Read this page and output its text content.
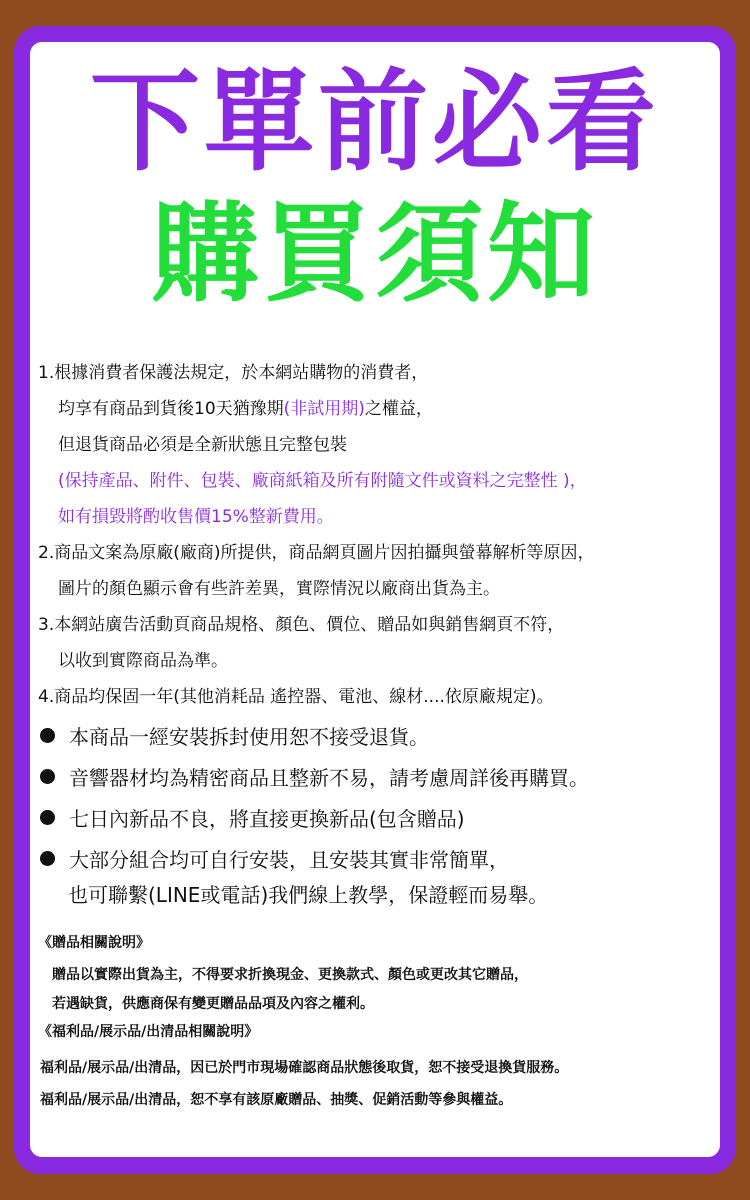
下單前必看
購買須知
1.根據消費者保護法規定，於本網站購物的消費者，
均享有商品到貨後10天猶豫期(非試用期)之權益，
但退貨商品必須是全新狀態且完整包裝
(保持產品、附件、包裝、廠商紙箱及所有附隨文件或資料之完整性 )，
如有損毀將酌收售價15%整新費用。
2.商品文案為原廠(廠商)所提供，商品網頁圖片因拍攝與螢幕解析等原因，
圖片的顏色顯示會有些許差異，實際情況以廠商出貨為主。
3.本網站廣告活動頁商品規格、顏色、價位、贈品如與銷售網頁不符，
以收到實際商品為準。
4.商品均保固一年(其他消耗品 遙控器、電池、線材....依原廠規定)。
本商品一經安裝拆封使用恕不接受退貨。
音響器材均為精密商品且整新不易，請考慮周詳後再購買。
七日內新品不良，將直接更換新品(包含贈品)
大部分組合均可自行安裝，且安裝其實非常簡單，
也可聯繫(LINE或電話)我們線上教學，保證輕而易舉。
《贈品相關說明》
贈品以實際出貨為主，不得要求折換現金、更換款式、顏色或更改其它贈品，
若遇缺貨，供應商保有變更贈品品項及內容之權利。
《福利品/展示品/出清品相關說明》
福利品/展示品/出清品，因已於門市現場確認商品狀態後取貨，恕不接受退換貨服務。
福利品/展示品/出清品，恕不享有該原廠贈品、抽獎、促銷活動等參與權益。
